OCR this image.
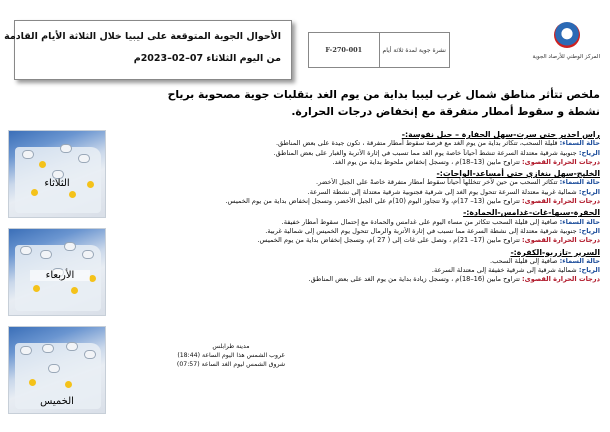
الأحوال الجوية المتوقعة على ليبيا خلال الثلاثة الأيام القادمة
من اليوم الثلاثاء 07–02–2023م
F-270-001	نشرة جوية لمدة ثلاثة أيام
المركز الوطني للأرصاد الجوية
ملخص تتأثر مناطق شمال غرب ليبيا بداية من يوم الغد بتقلبات جوية مصحوبة برياح نشطة و سقوط أمطار متفرقة مع إنخفاض درجات الحرارة.
الثلاثاء
الأربعاء
الخميس
راس اجدير حتى سرت-سهل الجفارة – جبل نفوسة:-
حالة السماء: قليلة السحب، تتكاثر بداية من يوم الغد مع فرصة سقوط أمطار متفرقة ، تكون جيدة على بعض المناطق.
الرياح: جنوبية شرقية معتدلة السرعة تنشط أحياناً خاصة يوم الغد مما تسبب في إثارة الأتربة والغبار على بعض المناطق.
درجات الحرارة القصوى: تتراوح مابين (13–18)م ، وتسجل إنخفاض ملحوظ بداية من يوم الغد.
الخليج-سهل بنغازي حتى أمساعد-الواحات:-
حالة السماء: تتكاثر السحب من حين لآخر تتخللها أحياناً سقوط أمطار متفرقة خاصةً على الجبل الأخضر.
الرياح: شمالية غربية معتدلة السرعة تتحول يوم الغد إلى شرقية فجنوبية شرقية معتدلة إلى نشطة السرعة.
درجات الحرارة القصوى: تتراوح مابين (13– 17)م، ولا تتجاوز اليوم (10)م على الجبل الأخضر، وتسجل إنخفاض بداية من يوم الخميس.
الجفرة-سبها-غات-غدامس-الحمادة:-
حالة السماء: صافية إلى قليلة السحب تتكاثر من مساء اليوم على غدامس والحمادة مع إحتمال سقوط أمطار خفيفة.
الرياح: جنوبية شرقية معتدلة إلى نشطة السرعة مما تسبب في إثارة الأتربة والرمال تتحول يوم الخميس إلى شمالية غربية.
درجات الحرارة القصوى: تتراوح مابين (17– 21)م ، وتصل على غات إلى ( 27 )م، وتسجل إنخفاض بداية من يوم الخميس.
السرير -تازربو-الكفرة:-
حالة السماء: صافية إلى قليلة السحب.
الرياح: شمالية شرقية إلى شرقية خفيفة إلى معتدلة السرعة.
درجات الحرارة القصوى: تتراوح مابين (16–18)م ، وتسجل زيادة بداية من يوم الغد على بعض المناطق.
مدينة طرابلس
غروب الشمس هذا اليوم الساعة (18:44)
شروق الشمس ليوم الغد الساعة (07:57)
